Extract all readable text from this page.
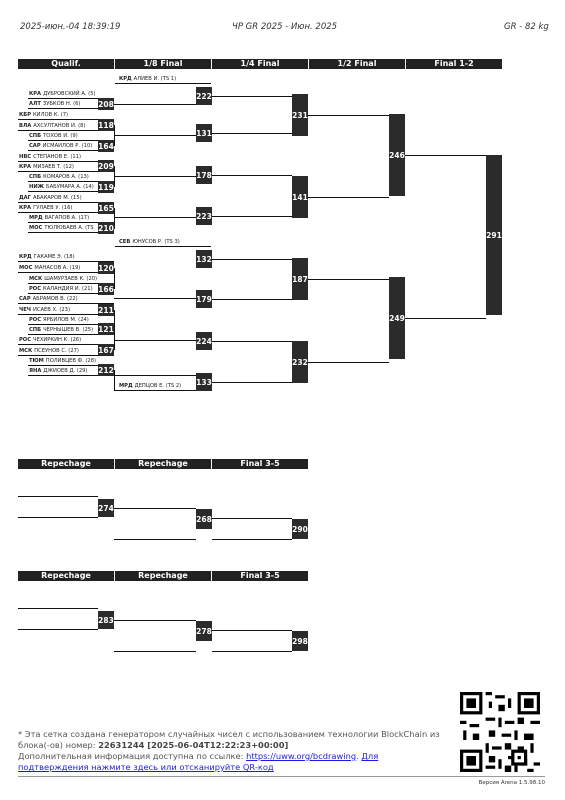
2025-июн.-04 18:39:19	ЧР GR 2025 - Июн. 2025	GR - 82 kg
Qualif.	1/8 Final	1/4 Final	1/2 Final	Final 1-2
КРД АЛИЕВ И. (TS 1)
КРА ДУБРОВСКИЙ А. (5)
АЛТ ЗУБКОВ Н. (6)
КБР КИЛОВ К. (7)
ВЛА АХСУЛТАНОВ И. (8)
СПБ ТОХОВ И. (9)
САР ИСМАИЛОВ Р. (10)
НВС СТЕПАНОВ Е. (11)
КРА МИЗАЕВ Т. (12)
СПБ КОМАРОВ А. (13)
НИЖ БАБУМАРА А. (14)
ДАГ АБАКАРОВ М. (15)
КРА ГУЛАЕВ У. (16)
МРД ВАГАПОВ А. (17)
МОС ТЮЛЮБАЕВ А. (TS
СЕВ ЮНУСОВ Р. (TS 3)
КРД ГАКАМЕ Э. (18)
МОС МАНАСОВ А. (19)
МСК ШАМУРЗАЕВ К. (20)
РОС КАЛАНДИЯ И. (21)
САР АБРАМОВ В. (22)
ЧЕЧ ИСАЕВ Х. (23)
РОС ЯРБИЛОВ М. (24)
СПБ ЧЕРНЫШЕВ В. (25)
РОС ЧЕХИРКИН К. (26)
МСК ПСЕУНОВ С. (27)
ТЮМ ПОЛИВЦЕВ Ф. (28)
ЯНА ДЖИОЕВ Д. (29)
МРД ДЕПЦОВ Е. (TS 2)
222
208
118
131
164
209
178
119
165
223
210
231
246
141
291
132
120
166
187
179
211
249
121
224
167
232
212
133
Repechage	Repechage	Final 3-5
Repechage	Repechage	Final 3-5
274
268
290
283
278
298
* Эта сетка создана генератором случайных чисел с использованием технологии BlockChain из блока(-ов) номер: 22631244 [2025-06-04T12:22:23+00:00]
Дополнительная информация доступна по ссылке: https://uww.org/bcdrawing. Для подтверждения нажмите здесь или отсканируйте QR-код
Версия Arena 1.5.98.10
